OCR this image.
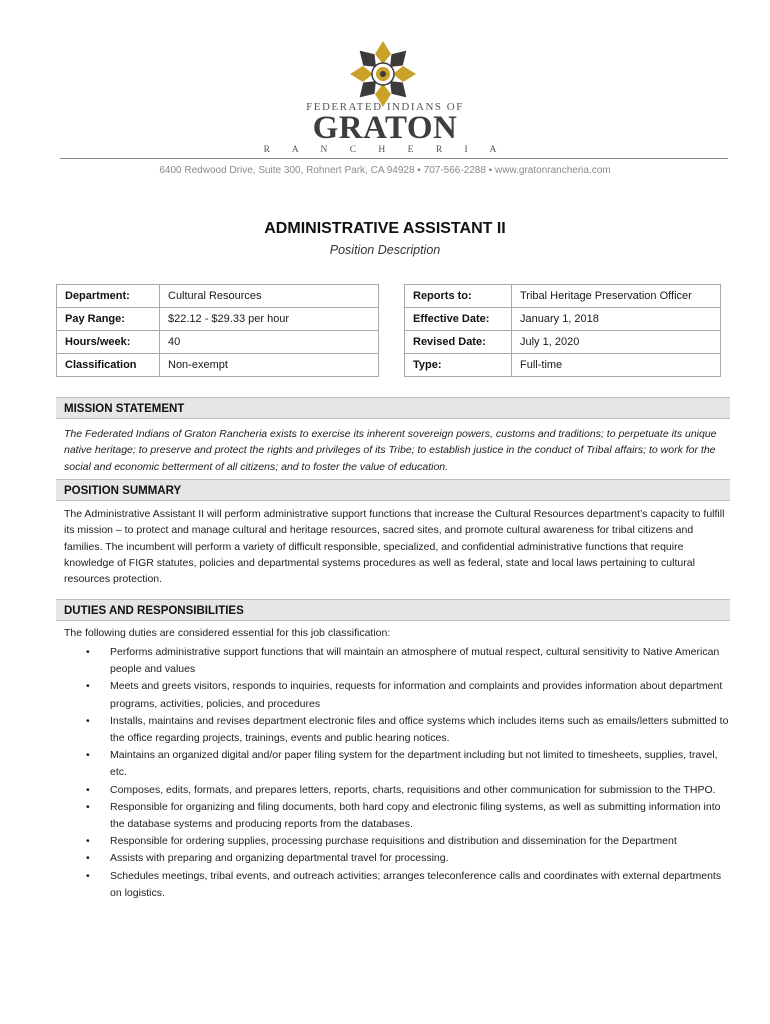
FEDERATED INDIANS OF
GRATON
R A N C H E R I A
6400 Redwood Drive, Suite 300, Rohnert Park, CA 94928 ▪ 707-566-2288 ▪ www.gratonrancheria.com
ADMINISTRATIVE ASSISTANT II
Position Description
Department:	Cultural Resources
Pay Range:	$22.12 - $29.33 per hour
Hours/week:	40
Classification	Non-exempt
Reports to:	Tribal Heritage Preservation Officer
Effective Date:	January 1, 2018
Revised Date:	July 1, 2020
Type:	Full-time
MISSION STATEMENT
The Federated Indians of Graton Rancheria exists to exercise its inherent sovereign powers, customs and traditions; to perpetuate its unique native heritage; to preserve and protect the rights and privileges of its Tribe; to establish justice in the conduct of Tribal affairs; to work for the social and economic betterment of all citizens; and to foster the value of education.
POSITION SUMMARY
The Administrative Assistant II will perform administrative support functions that increase the Cultural Resources department’s capacity to fulfill its mission – to protect and manage cultural and heritage resources, sacred sites, and promote cultural awareness for tribal citizens and families. The incumbent will perform a variety of difficult responsible, specialized, and confidential administrative functions that require knowledge of FIGR statutes, policies and departmental systems procedures as well as federal, state and local laws pertaining to cultural resources protection.
DUTIES AND RESPONSIBILITIES
The following duties are considered essential for this job classification:
• Performs administrative support functions that will maintain an atmosphere of mutual respect, cultural sensitivity to Native American people and values
• Meets and greets visitors, responds to inquiries, requests for information and complaints and provides information about department programs, activities, policies, and procedures
• Installs, maintains and revises department electronic files and office systems which includes items such as emails/letters submitted to the office regarding projects, trainings, events and public hearing notices.
• Maintains an organized digital and/or paper filing system for the department including but not limited to timesheets, supplies, travel, etc.
• Composes, edits, formats, and prepares letters, reports, charts, requisitions and other communication for submission to the THPO.
• Responsible for organizing and filing documents, both hard copy and electronic filing systems, as well as submitting information into the database systems and producing reports from the databases.
• Responsible for ordering supplies, processing purchase requisitions and distribution and dissemination for the Department
• Assists with preparing and organizing departmental travel for processing.
• Schedules meetings, tribal events, and outreach activities; arranges teleconference calls and coordinates with external departments on logistics.
